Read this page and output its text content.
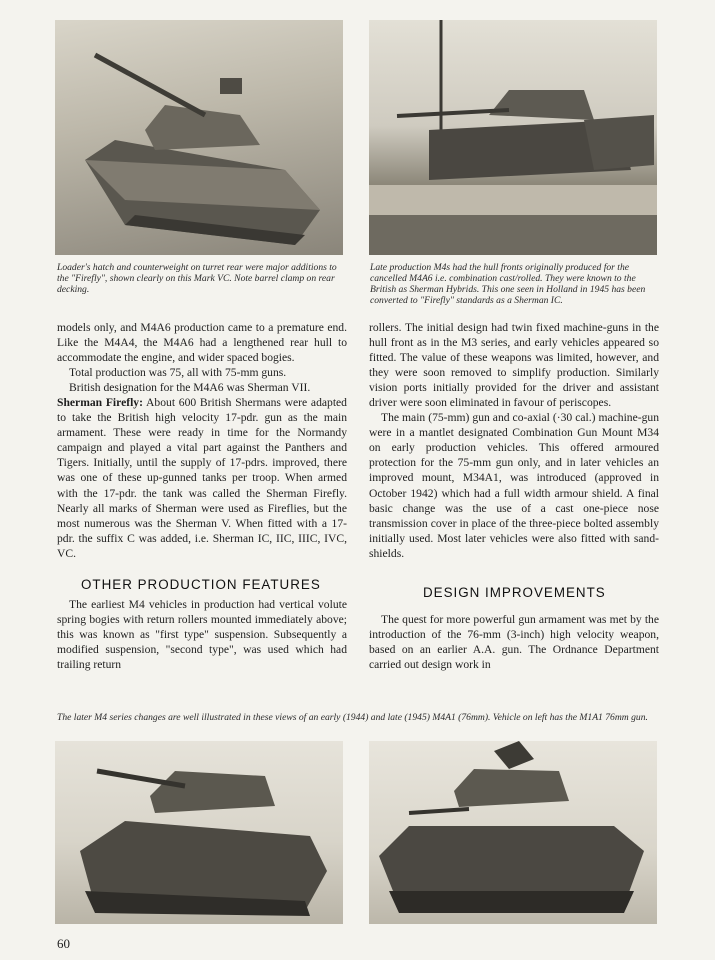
Loader's hatch and counterweight on turret rear were major additions to the "Firefly", shown clearly on this Mark VC. Note barrel clamp on rear decking.

Late production M4s had the hull fronts originally produced for the cancelled M4A6 i.e. combination cast/rolled. They were known to the British as Sherman Hybrids. This one seen in Holland in 1945 has been converted to "Firefly" standards as a Sherman IC.

models only, and M4A6 production came to a premature end. Like the M4A4, the M4A6 had a lengthened rear hull to accommodate the engine, and wider spaced bogies.

Total production was 75, all with 75-mm guns.

British designation for the M4A6 was Sherman VII.

Sherman Firefly: About 600 British Shermans were adapted to take the British high velocity 17-pdr. gun as the main armament. These were ready in time for the Normandy campaign and played a vital part against the Panthers and Tigers. Initially, until the supply of 17-pdrs. improved, there was one of these up-gunned tanks per troop. When armed with the 17-pdr. the tank was called the Sherman Firefly. Nearly all marks of Sherman were used as Fireflies, but the most numerous was the Sherman V. When fitted with a 17-pdr. the suffix C was added, i.e. Sherman IC, IIC, IIIC, IVC, VC.

OTHER PRODUCTION FEATURES

The earliest M4 vehicles in production had vertical volute spring bogies with return rollers mounted immediately above; this was known as "first type" suspension. Subsequently a modified suspension, "second type", was used which had trailing return

rollers. The initial design had twin fixed machine-guns in the hull front as in the M3 series, and early vehicles appeared so fitted. The value of these weapons was limited, however, and they were soon removed to simplify production. Similarly vision ports initially provided for the driver and assistant driver were soon eliminated in favour of periscopes.

The main (75-mm) gun and co-axial (·30 cal.) machine-gun were in a mantlet designated Combination Gun Mount M34 on early production vehicles. This offered armoured protection for the 75-mm gun only, and in later vehicles an improved mount, M34A1, was introduced (approved in October 1942) which had a full width armour shield. A final basic change was the use of a cast one-piece nose transmission cover in place of the three-piece bolted assembly initially used. Most later vehicles were also fitted with sand-shields.

DESIGN IMPROVEMENTS

The quest for more powerful gun armament was met by the introduction of the 76-mm (3-inch) high velocity weapon, based on an earlier A.A. gun. The Ordnance Department carried out design work in

The later M4 series changes are well illustrated in these views of an early (1944) and late (1945) M4A1 (76mm). Vehicle on left has the M1A1 76mm gun.

60
